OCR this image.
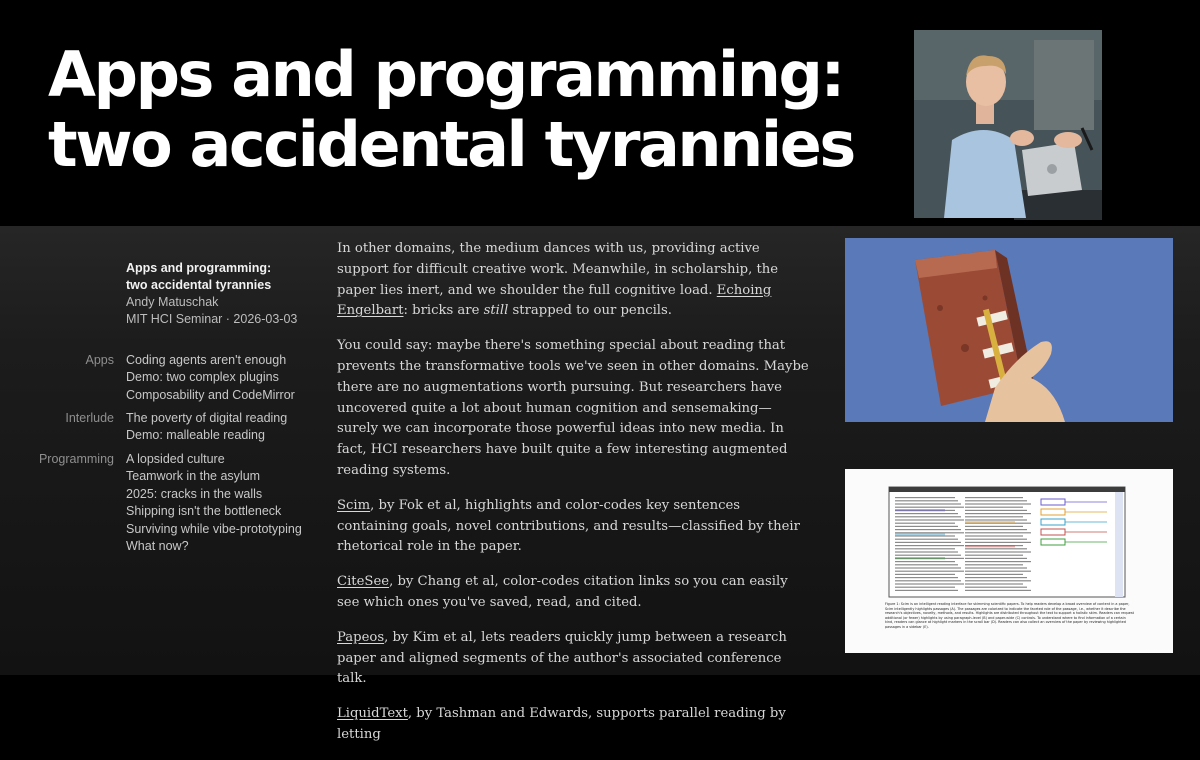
Apps and programming:
two accidental tyrannies
Apps and programming:
two accidental tyrannies
Andy Matuschak
MIT HCI Seminar · 2026-03-03
Apps Coding agents aren't enough
Demo: two complex plugins
Composability and CodeMirror
Interlude The poverty of digital reading
Demo: malleable reading
Programming A lopsided culture
Teamwork in the asylum
2025: cracks in the walls
Shipping isn't the bottleneck
Surviving while vibe-prototyping
What now?

In other domains, the medium dances with us, providing active support for difficult creative work. Meanwhile, in scholarship, the paper lies inert, and we shoulder the full cognitive load. Echoing Engelbart: bricks are still strapped to our pencils.

You could say: maybe there's something special about reading that prevents the transformative tools we've seen in other domains. Maybe there are no augmentations worth pursuing. But researchers have uncovered quite a lot about human cognition and sensemaking—surely we can incorporate those powerful ideas into new media. In fact, HCI researchers have built quite a few interesting augmented reading systems.

Scim, by Fok et al, highlights and color-codes key sentences containing goals, novel contributions, and results—classified by their rhetorical role in the paper.

CiteSee, by Chang et al, color-codes citation links so you can easily see which ones you've saved, read, and cited.

Papeos, by Kim et al, lets readers quickly jump between a research paper and aligned segments of the author's associated conference talk.

LiquidText, by Tashman and Edwards, supports parallel reading by letting

Figure 1: Scim is an intelligent reading interface for skimming scientific papers. To help readers develop a broad overview of content in a paper, Scim intelligently highlights passages (A). The passages are colorized to indicate the faceted role of the passage, i.e., whether it describe the research's objectives, novelty, methods, and results. Highlights are distributed throughout the text to support a holistic skim. Readers can request additional (or fewer) highlights by using paragraph-level (B) and paper-wide (C) controls. To understand where to find information of a certain kind, readers can glance at highlight markers in the scroll bar (D). Readers can also collect an overview of the paper by reviewing highlighted passages in a sidebar (E).
